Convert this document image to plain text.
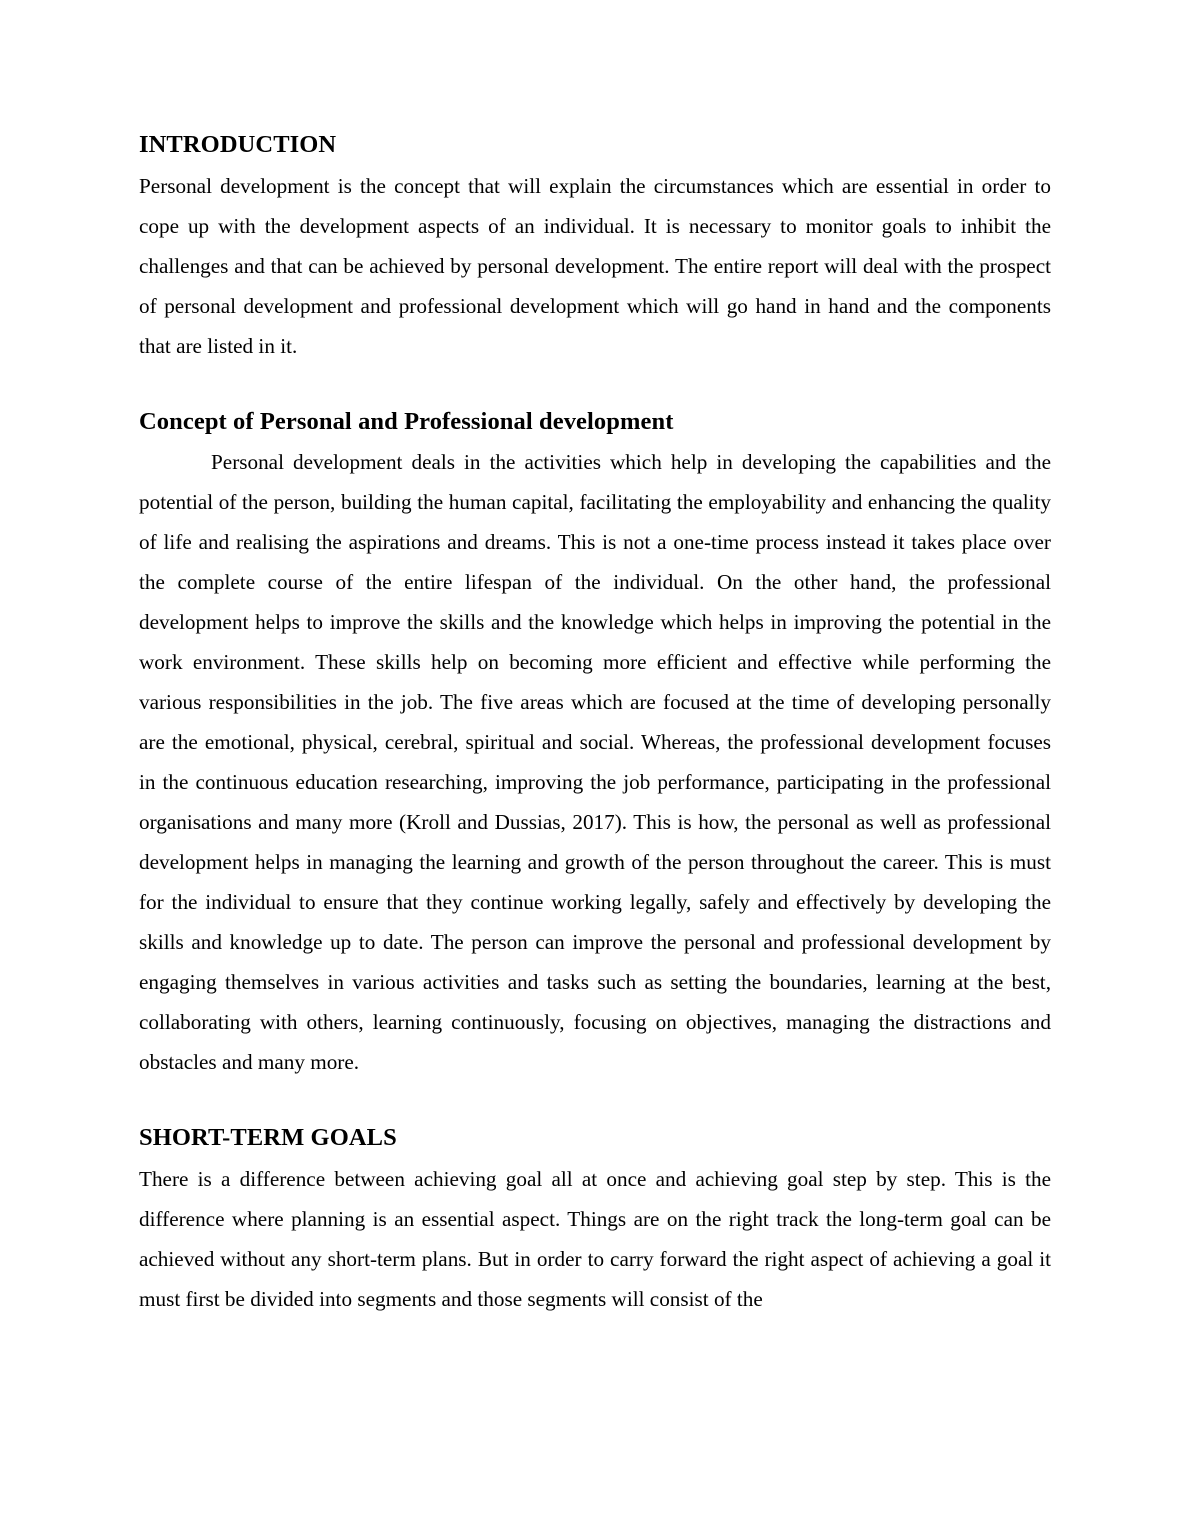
INTRODUCTION

Personal development is the concept that will explain the circumstances which are essential in order to cope up with the development aspects of an individual. It is necessary to monitor goals to inhibit the challenges and that can be achieved by personal development. The entire report will deal with the prospect of personal development and professional development which will go hand in hand and the components that are listed in it.

Concept of Personal and Professional development

Personal development deals in the activities which help in developing the capabilities and the potential of the person, building the human capital, facilitating the employability and enhancing the quality of life and realising the aspirations and dreams. This is not a one-time process instead it takes place over the complete course of the entire lifespan of the individual. On the other hand, the professional development helps to improve the skills and the knowledge which helps in improving the potential in the work environment. These skills help on becoming more efficient and effective while performing the various responsibilities in the job. The five areas which are focused at the time of developing personally are the emotional, physical, cerebral, spiritual and social. Whereas, the professional development focuses in the continuous education researching, improving the job performance, participating in the professional organisations and many more (Kroll and Dussias, 2017). This is how, the personal as well as professional development helps in managing the learning and growth of the person throughout the career. This is must for the individual to ensure that they continue working legally, safely and effectively by developing the skills and knowledge up to date. The person can improve the personal and professional development by engaging themselves in various activities and tasks such as setting the boundaries, learning at the best, collaborating with others, learning continuously, focusing on objectives, managing the distractions and obstacles and many more.

SHORT-TERM GOALS

There is a difference between achieving goal all at once and achieving goal step by step. This is the difference where planning is an essential aspect. Things are on the right track the long-term goal can be achieved without any short-term plans. But in order to carry forward the right aspect of achieving a goal it must first be divided into segments and those segments will consist of the
